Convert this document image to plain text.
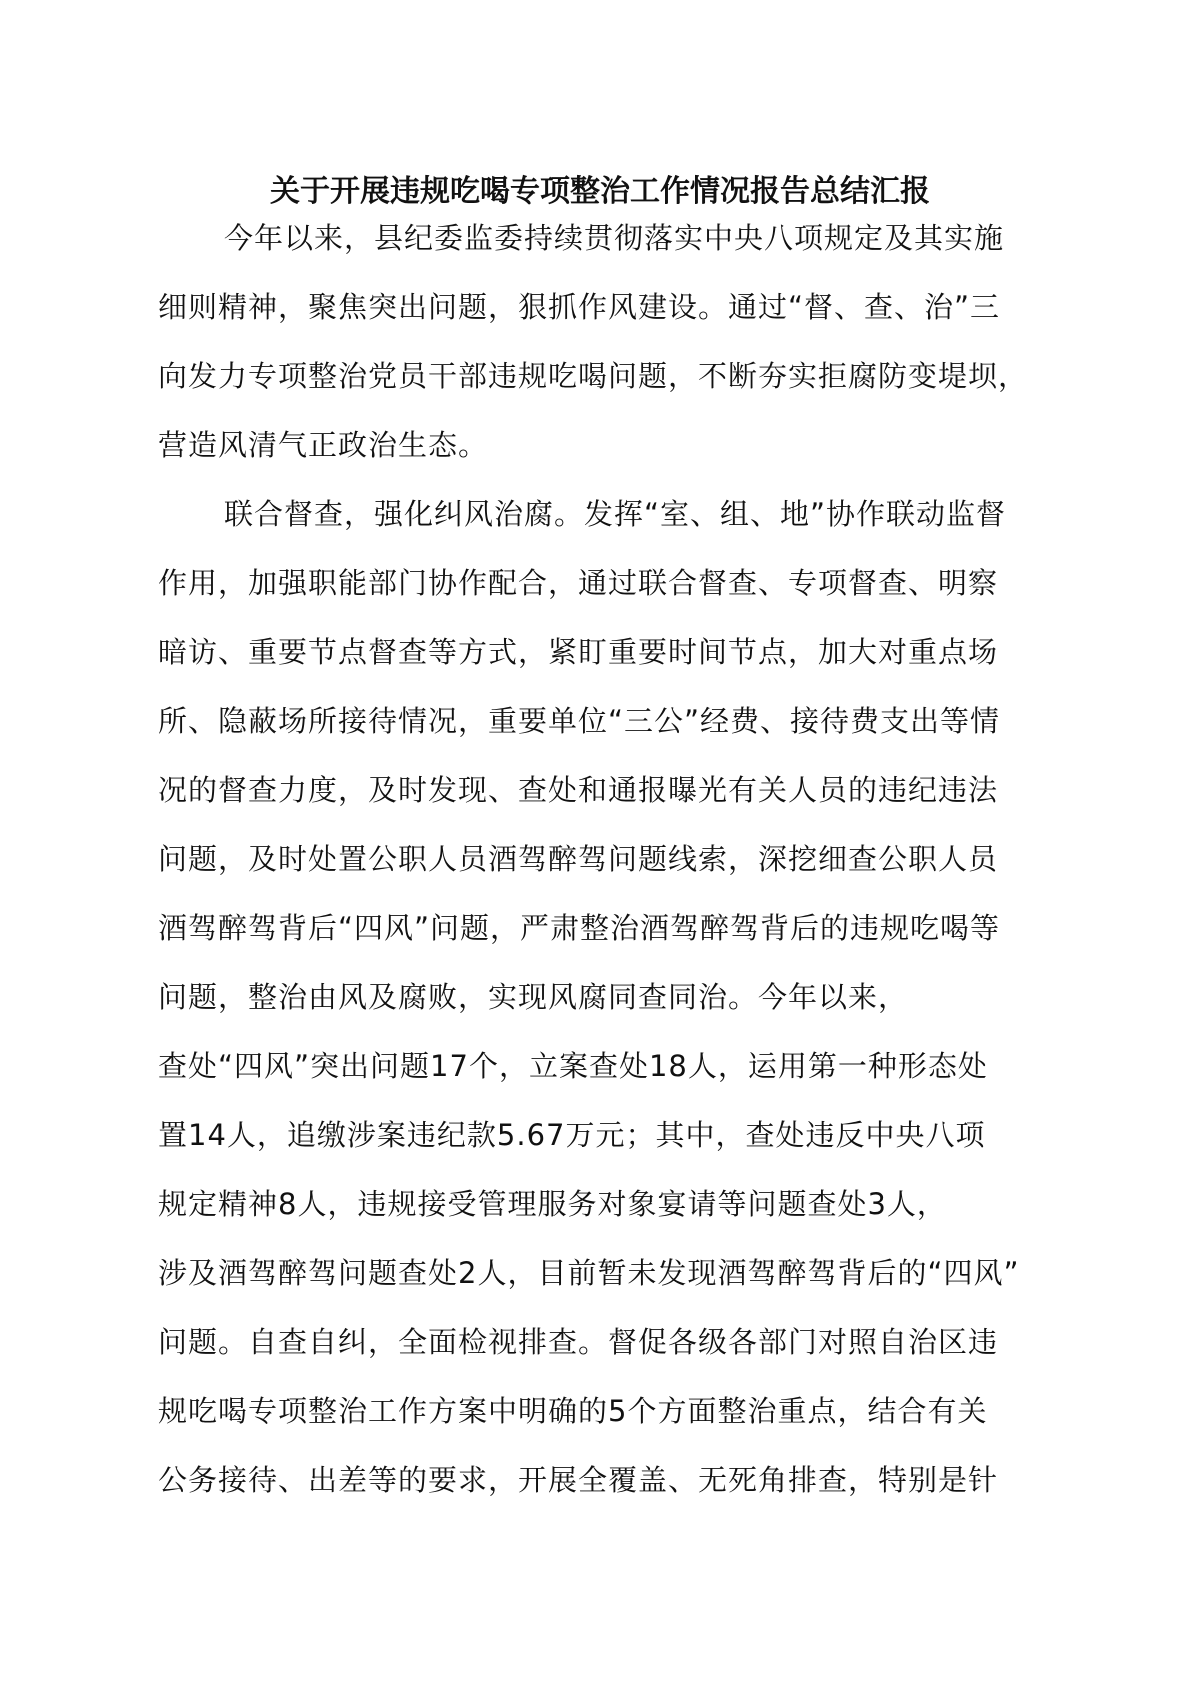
关于开展违规吃喝专项整治工作情况报告总结汇报
今年以来，县纪委监委持续贯彻落实中央八项规定及其实施
细则精神，聚焦突出问题，狠抓作风建设。通过“督、查、治”三
向发力专项整治党员干部违规吃喝问题，不断夯实拒腐防变堤坝，
营造风清气正政治生态。
联合督查，强化纠风治腐。发挥“室、组、地”协作联动监督
作用，加强职能部门协作配合，通过联合督查、专项督查、明察
暗访、重要节点督查等方式，紧盯重要时间节点，加大对重点场
所、隐蔽场所接待情况，重要单位“三公”经费、接待费支出等情
况的督查力度，及时发现、查处和通报曝光有关人员的违纪违法
问题，及时处置公职人员酒驾醉驾问题线索，深挖细查公职人员
酒驾醉驾背后“四风”问题，严肃整治酒驾醉驾背后的违规吃喝等
问题，整治由风及腐败，实现风腐同查同治。今年以来，
查处“四风”突出问题17个，立案查处18人，运用第一种形态处
置14人，追缴涉案违纪款5.67万元；其中，查处违反中央八项
规定精神8人，违规接受管理服务对象宴请等问题查处3人，
涉及酒驾醉驾问题查处2人，目前暂未发现酒驾醉驾背后的“四风”
问题。自查自纠，全面检视排查。督促各级各部门对照自治区违
规吃喝专项整治工作方案中明确的5个方面整治重点，结合有关
公务接待、出差等的要求，开展全覆盖、无死角排查，特别是针
